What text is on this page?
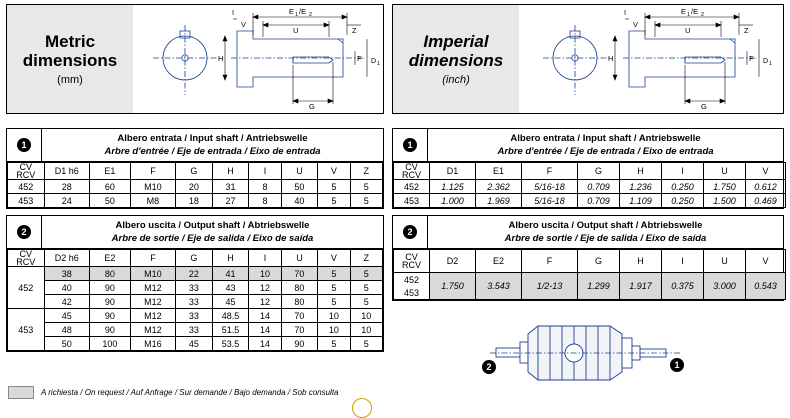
Metric
dimensions
(mm)
E 1 /E 2
U	Z
I
H
G
F D 1
V
Imperial
dimensions
(inch)
E 1 /E 2
U	Z
I
H
G
F D 1
V
1
Albero entrata / Input shaft / Antriebswelle
Arbre d'entrée / Eje de entrada / Eixo de entrada
CV
RCV	D1 h6	E1	F	G	H	I	U	V	Z
452	28	60	M10	20	31	8	50	5	5
453	24	50	M8	18	27	8	40	5	5
2
Albero uscita / Output shaft / Abtriebswelle
Arbre de sortie / Eje de salida / Eixo de saída
CV
RCV	D2 h6	E2	F	G	H	I	U	V	Z

452	38	80	M10	22	41	10	70	5	5
	40	90	M12	33	43	12	80	5	5
	42	90	M12	33	45	12	80	5	5
453	45	90	M12	33	48.5	14	70	10	10
	48	90	M12	33	51.5	14	70	10	10
	50	100	M16	45	53.5	14	90	5	5
1
Albero entrata / Input shaft / Antriebswelle
Arbre d'entrée / Eje de entrada / Eixo de entrada
CV
RCV	D1	E1	F	G	H	I	U	V
452	1.125	2.362	5/16-18	0.709	1.236	0.250	1.750	0.612
453	1.000	1.969	5/16-18	0.709	1.109	0.250	1.500	0.469
2
Albero uscita / Output shaft / Abtriebswelle
Arbre de sortie / Eje de salida / Eixo de saída
CV
RCV	D2	E2	F	G	H	I	U	V
452	1.750	3.543	1/2-13	1.299	1.917	0.375	3.000	0.543
453								
2	1
A richiesta / On request / Auf Anfrage / Sur demande / Bajo demanda / Sob consulta
